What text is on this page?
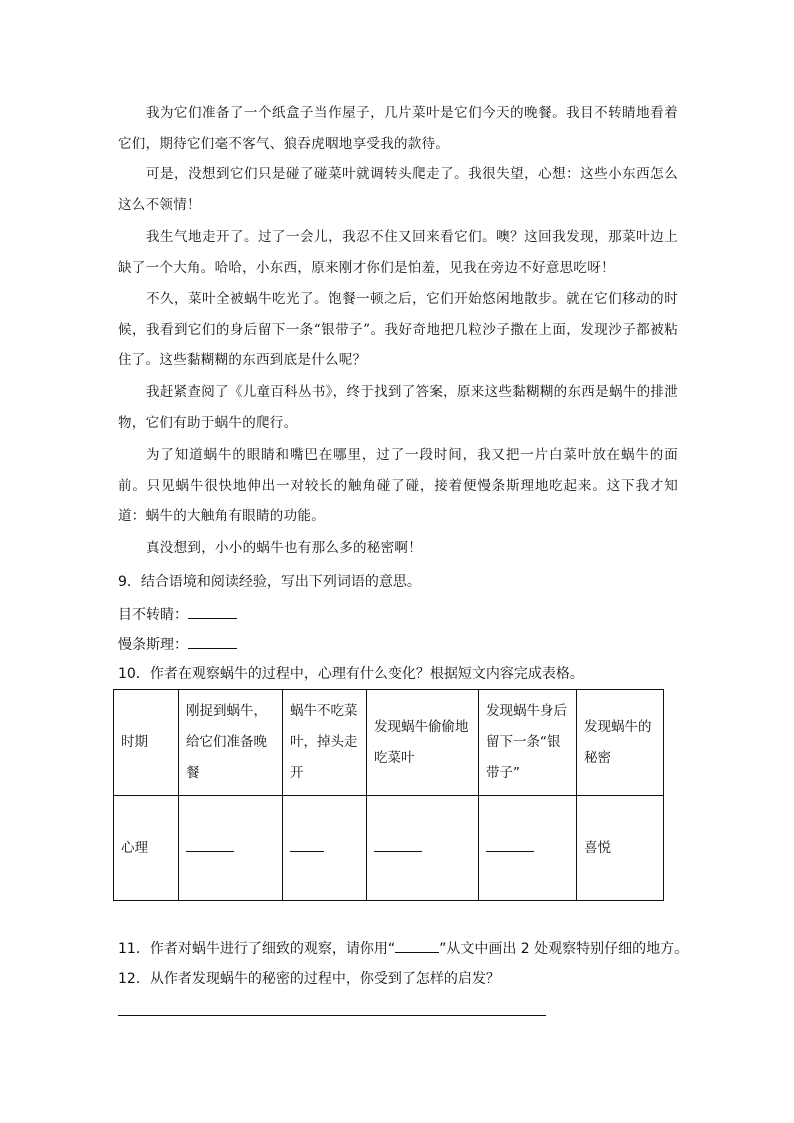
我为它们准备了一个纸盒子当作屋子，几片菜叶是它们今天的晚餐。我目不转睛地看着它们，期待它们毫不客气、狼吞虎咽地享受我的款待。

可是，没想到它们只是碰了碰菜叶就调转头爬走了。我很失望，心想：这些小东西怎么这么不领情！

我生气地走开了。过了一会儿，我忍不住又回来看它们。噢？这回我发现，那菜叶边上缺了一个大角。哈哈，小东西，原来刚才你们是怕羞，见我在旁边不好意思吃呀！

不久，菜叶全被蜗牛吃光了。饱餐一顿之后，它们开始悠闲地散步。就在它们移动的时候，我看到它们的身后留下一条“银带子”。我好奇地把几粒沙子撒在上面，发现沙子都被粘住了。这些黏糊糊的东西到底是什么呢？

我赶紧查阅了《儿童百科丛书》，终于找到了答案，原来这些黏糊糊的东西是蜗牛的排泄物，它们有助于蜗牛的爬行。

为了知道蜗牛的眼睛和嘴巴在哪里，过了一段时间，我又把一片白菜叶放在蜗牛的面前。只见蜗牛很快地伸出一对较长的触角碰了碰，接着便慢条斯理地吃起来。这下我才知道：蜗牛的大触角有眼睛的功能。

真没想到，小小的蜗牛也有那么多的秘密啊！

9．结合语境和阅读经验，写出下列词语的意思。

目不转睛：

慢条斯理：

10．作者在观察蜗牛的过程中，心理有什么变化？根据短文内容完成表格。

时期	刚捉到蜗牛，给它们准备晚餐	蜗牛不吃菜叶，掉头走开	发现蜗牛偷偷地吃菜叶	发现蜗牛身后留下一条“银带子”	发现蜗牛的秘密
心理					喜悦

11．作者对蜗牛进行了细致的观察，请你用“	”从文中画出 2 处观察特别仔细的地方。

12．从作者发现蜗牛的秘密的过程中，你受到了怎样的启发？
